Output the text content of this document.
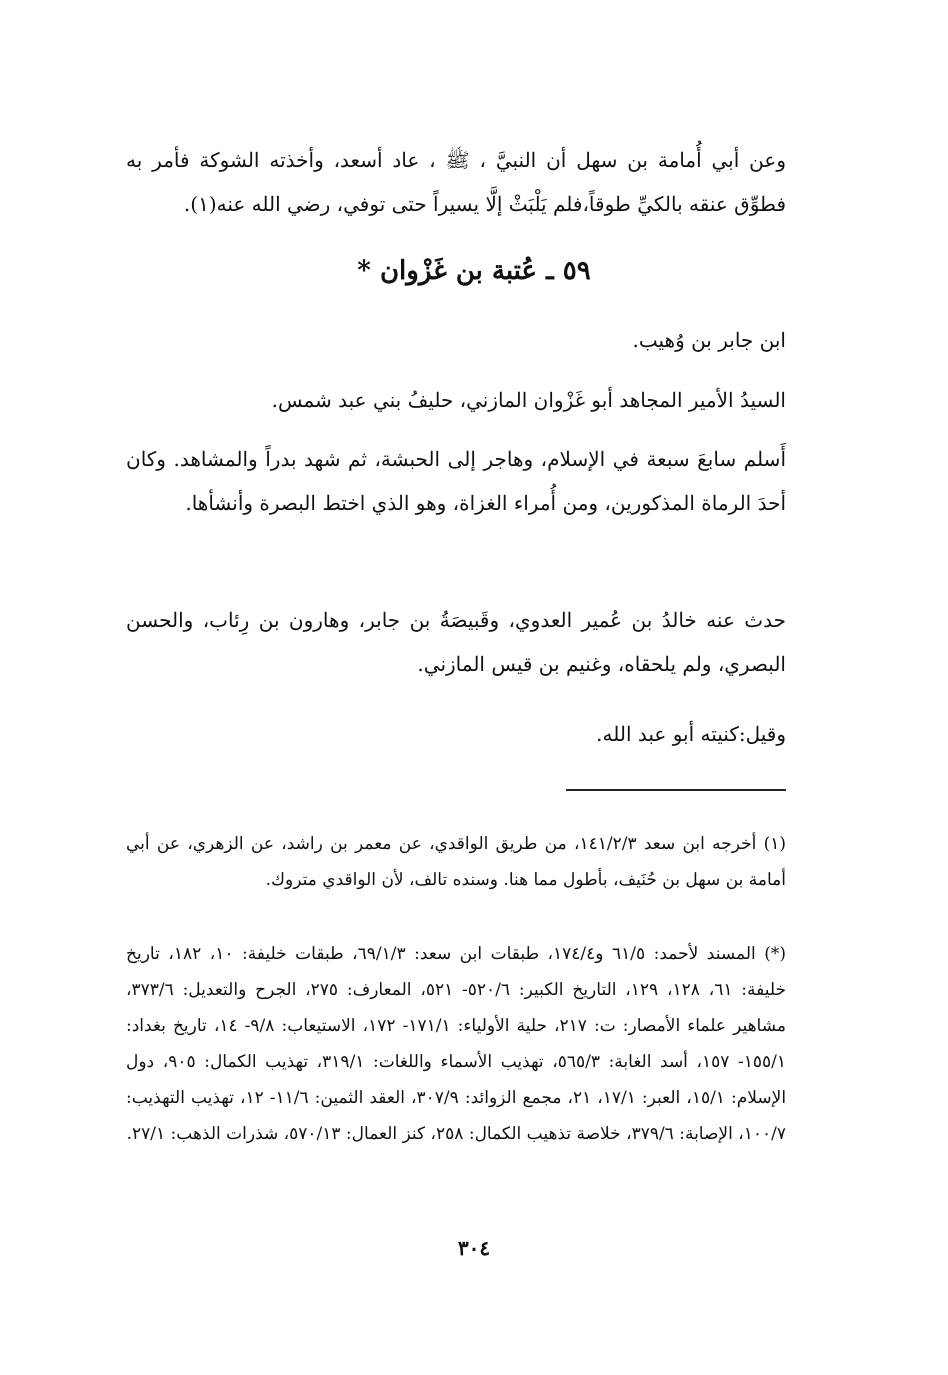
وعن أبي أُمامة بن سهل أن النبيَّ ، ﷺ ، عاد أسعد، وأخذته الشوكة فأمر به فطوِّق عنقه بالكيِّ طوقاً،فلم يَلْبَثْ إلَّا يسيراً حتى توفي، رضي الله عنه(١).

٥٩ ـ عُتبة بن غَزْوان *

ابن جابر بن وُهيب.

السيدُ الأمير المجاهد أبو غَزْوان المازني، حليفُ بني عبد شمس.

أَسلم سابعَ سبعة في الإسلام، وهاجر إلى الحبشة، ثم شهد بدراً والمشاهد. وكان أحدَ الرماة المذكورين، ومن أُمراء الغزاة، وهو الذي اختط البصرة وأنشأها.

حدث عنه خالدُ بن عُمير العدوي، وقَبيصَةُ بن جابر، وهارون بن رِئاب، والحسن البصري، ولم يلحقاه، وغنيم بن قيس المازني.

وقيل:كنيته أبو عبد الله.

(١) أخرجه ابن سعد ١٤١/٢/٣، من طريق الواقدي، عن معمر بن راشد، عن الزهري، عن أبي أمامة بن سهل بن حُنَيف، بأطول مما هنا. وسنده تالف، لأن الواقدي متروك.

(*) المسند لأحمد: ٦١/٥ و١٧٤/٤، طبقات ابن سعد: ٦٩/١/٣، طبقات خليفة: ١٠، ١٨٢، تاريخ خليفة: ٦١، ١٢٨، ١٢٩، التاريخ الكبير: ٥٢٠/٦- ٥٢١، المعارف: ٢٧٥، الجرح والتعديل: ٣٧٣/٦، مشاهير علماء الأمصار: ت: ٢١٧، حلية الأولياء: ١٧١/١- ١٧٢، الاستيعاب: ٩/٨- ١٤، تاريخ بغداد: ١٥٥/١- ١٥٧، أسد الغابة: ٥٦٥/٣، تهذيب الأسماء واللغات: ٣١٩/١، تهذيب الكمال: ٩٠٥، دول الإسلام: ١٥/١، العبر: ١٧/١، ٢١، مجمع الزوائد: ٣٠٧/٩، العقد الثمين: ١١/٦- ١٢، تهذيب التهذيب: ١٠٠/٧، الإصابة: ٣٧٩/٦، خلاصة تذهيب الكمال: ٢٥٨، كنز العمال: ٥٧٠/١٣، شذرات الذهب: ٢٧/١.

٣٠٤
